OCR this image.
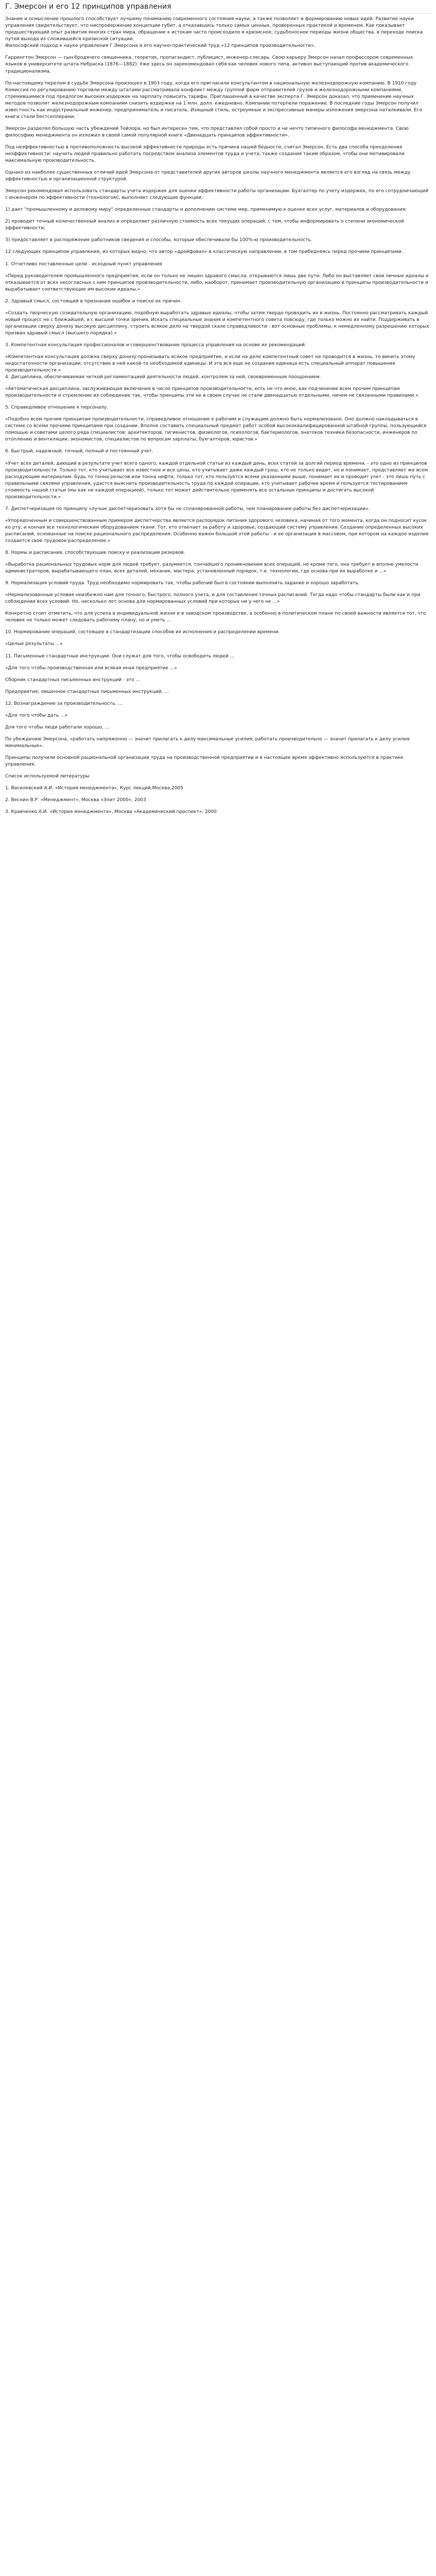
Г. Эмерсон и его 12 принципов управления

Знание и осмысление прошлого способствует лучшему пониманию современного состояния науки, а также позволяет и формированию новых идей. Развитие науки управления свидетельствует, что ниспровержение концепции губит, а отказавшись только самых ценных, проверенных практикой и временем. Как показывает предшествующий опыт развития многих стран мира, обращение к истокам часто происходило в кризисное, судьбоносное периоды жизни общества, в переходе поиска путей выхода из сложившейся кризисной ситуации.
Философский подход к науке управления Г.Эмерсона и его научно-практический труд «12 принципов производительности».

Гаррингтон Эмерсон — сын бродячего священника, теоретик, пропагандист, публицист, инженер-слесарь. Свою карьеру Эмерсон начал профессором современных языков в университете штата Небраска (1876—1882). Уже здесь он зарекомендовал себя как человек нового типа, активно выступающий против академического традиционализма.

По-настоящему перелом в судьбе Эмерсона произошел в 1903 году, когда его пригласили консультантом в национальную железнодорожную компанию. В 1910 году Комиссия по регулированию торговли между штатами рассматривала конфликт между группой фирм отправителей грузов и железнодорожными компаниями, стремившимися под предлогом высоких издержек на зарплату повысить тарифы. Приглашенный в качестве эксперта Г. Эмерсон доказал, что применение научных методов позволит железнодорожным компаниям снизить издержки на 1 млн. долл. ежедневно. Компании потерпели поражение. В последние годы Эмерсон получил известность как индустриальный инженер, предприниматель и писатель. Изящный стиль, остроумные и экспрессивные манеры изложения эмерсона наталкивали. Его книги стали бестселлерами.

Эмерсон разделял большую часть убеждений Тейлора, но был интересен тем, что представлял собой просто и не нечто типичного философа менеджмента. Свою философию менеджмента он изложил в своей самой популярной книге «Двенадцать принципов эффективности».

Под неэффективностью в противоположность высокой эффективности природы есть причина нашей бедности, считал Эмерсон. Есть два способа преодоления неэффективности: научить людей правильно работать посредством анализа элементов труда и учета, также создания таким образом, чтобы они мотивировали максимальную производительность.

Однако из наиболее существенных отличий идей Эмерсона от представителей других авторов школы научного менеджмента является его взгляд на связь между эффективностью и организационной структурой.

Эмерсон рекомендовал использовать стандарты учета издержек для оценки эффективности работы организации. Бухгалтер по учету издержек, по его сотрудничающий с инженером по эффективности (технологом), выполняет следующие функции:

1) дает "промышленному и деловому миру" определенные стандарты и дополнению системе мер, применимую к оценке всех услуг, материалов и оборудования;

2) проводит точный количественный анализ и определяет различную стоимость всех текущих операций, с тем, чтобы информировать о степени экономической эффективности;

3) предоставляет в распоряжение работников сведения и способы, которые обеспечивали бы 100%-ю производительность.

12 следующих принципов управления, из которых видно, что автор «дрейфовал» в классическую направлении, в том прибедняясь перед прочими принципами.

1. Отчетливо поставленные цели - исходный пункт управления

«Перед руководителем промышленного предприятия, если он только не лишен здравого смысла, открываются лишь две пути. Либо он выставляет свои личные идеалы и отказывается от всех несогласных с ним принципов производительности, либо, наоборот, принимает производительную организацию и принципы производительности и вырабатывает соответствующие им высокие идеалы.»

2. Здравый смысл, состоящий в признании ошибок и поиске их причин.

«Создать творческую созидательную организацию, подобную выработать здравые идеалы, чтобы затем твердо проводить их в жизнь. Постоянно рассматривать каждый новый процесс не с ближайшей, а с высшей точки зрения. Искать специальные знания и компетентного совета повсюду, где только можно их найти. Поддерживать в организации сверху донизу высокую дисциплину, строить всякое дело на твердой скале справедливости - вот основные проблемы, к немедленному разрешению которых призван здравый смысл (высшего порядка).»

3. Компетентная консультация профессионалов и совершенствование процесса управления на основе их рекомендаций.

«Компетентная консультация должна сверху донизу пронизывать всякое предприятие, и если на деле компетентный совет не проводится в жизнь, то винить этому недостаточности организации, отсутствие в ней какой-то необходимой единицы. И эта вся еще не создания единица есть специальный аппарат повышения производительности.»
4. Дисциплина, обеспечиваемая четкой регламентацией деятельности людей, контролем за ней, своевременным поощрением.

«Автоматическая дисциплина, заслуживающая включения в число принципов производительности, есть не что иное, как подчинение всем прочим принципам производительности и стремление их соблюдение так, чтобы принципы эти не в своем случае не стали двенадцатью отдельными, ничем не связанными правилами.»

5. Справедливое отношение к персоналу.

«Подобно всем прочим принципам производительности, справедливое отношение к рабочим и служащим должно быть нормализовано. Оно должно накладываться в системе со всеми прочими принципами при создании. Вполне составить специальный предмет работ особой высококвалифицированной штабной группы, пользующейся помощью и советами целого ряда специалистов: архитекторов, гигиенистов, физиологов, психологов, бактериологов, знатоков техники безопасности, инженеров по отоплению и вентиляции, экономистов, специалистов по вопросам зарплаты, бухгалтеров, юристов.»

6. Быстрый, надежный, точный, полный и постоянный учет.

«Учет всех деталей, дающий в результате учет всего одного, каждой отдельной статьи из каждый день, всех статей за долгий период времени, - это одно из принципов производительности. Только тот, кто учитывает все известное и все цены, кто учитывает даже каждый грош, кто не только видит, но и понимает, представляет же всем расходующим материалам. Будь то тонна рельсов или тонна нефти, только тот, кто пользуется всеми указанными выше, понимает их и проводит учет - это лишь путь с правильными связями управления, удастся выяснить производительность труда по каждой операции, кто учитывает рабочее время и пользуется тестированием стоимость нашей статьи (мы как не каждой операцией), только тот может действительно применять все остальные принципы и достигать высокой производительности.»

7. Диспетчеризация по принципу «лучше диспетчеризовать хотя бы не спланированной работы, чем планирование работы без диспетчеризации».

«Упорядоченным и совершенствованным примером диспетчерства является распорядок питания здорового человека, начиная от того момента, когда он подносит кусок ко рту, и кончая все технологическим оборудованием ткани. Тот, кто отвечает за работу и здоровье, создающий систему управления. Создание определенных высоких расписаний, основанные на поиске рационального распределения. Особенно важен большой этой работы - и ее организация в массовом, при котором на каждое изделие создается свое трудовое распределение.»

8. Нормы и расписания, способствующие поиску и реализации резервов.

«Выработка рациональных трудовых норм для людей требует, разумеется, тончайшего проникновения всех операций, но кроме того, она требует и вполне умелости администраторов, вырабатывающего план, всех деталей, механик, мастера; установленный порядок, т.е. технологии, где основа при их выработке и ...»

9. Нормализация условий труда. Труд необходимо нормировать так, чтобы рабочий был в состоянии выполнить задание и хорошо заработать.

«Нормализованные условия неизбежно нам для точного, быстрого, полного учета, и для составления точных расписаний. Тогда надо чтобы стандарты были как и при соблюдении всех условий. Но, несколько лет основа для нормированных условий при которых ни у чего не ...»

Конкретно стоит отметить, что для успеха в индивидуальной жизни и в заводском производстве, а особенно в политическом плане по своей важности является тот, что человек не только может следовать рабочему плану, но и уметь ...

10. Нормирование операций, состоящее в стандартизации способов их исполнения и распределении времени.

«Целые результаты ...»

11. Письменные стандартные инструкции. Они служат для того, чтобы освободить людей ...

«Для того чтобы производственная или всякая иная предприятие ...»

Сборник стандартных письменных инструкций - это ...

Предприятие, лишенное стандартных письменных инструкций, ...

12. Вознаграждение за производительность. ...

«Для того чтобы дать ...»

Для того чтобы люди работали хорошо, ...

По убеждению Эмерсона, «работать напряженно — значит прилагать к делу максимальные усилия; работать производительно — значит прилагать к делу усилия минимальные».

Принципы получили основной рациональной организации труда на производственной предприятии и в настоящее время эффективно используются в практике управления.

Список используемой литературы

1. Василевский А.И. «История менеджмента», Курс лекций,Москва,2005

2. Веснин В.Р. «Менеджмент», Москва «Элит 2000», 2003

3. Кравченко А.И. «История менеджмента», Москва «Академический проспект», 2000
